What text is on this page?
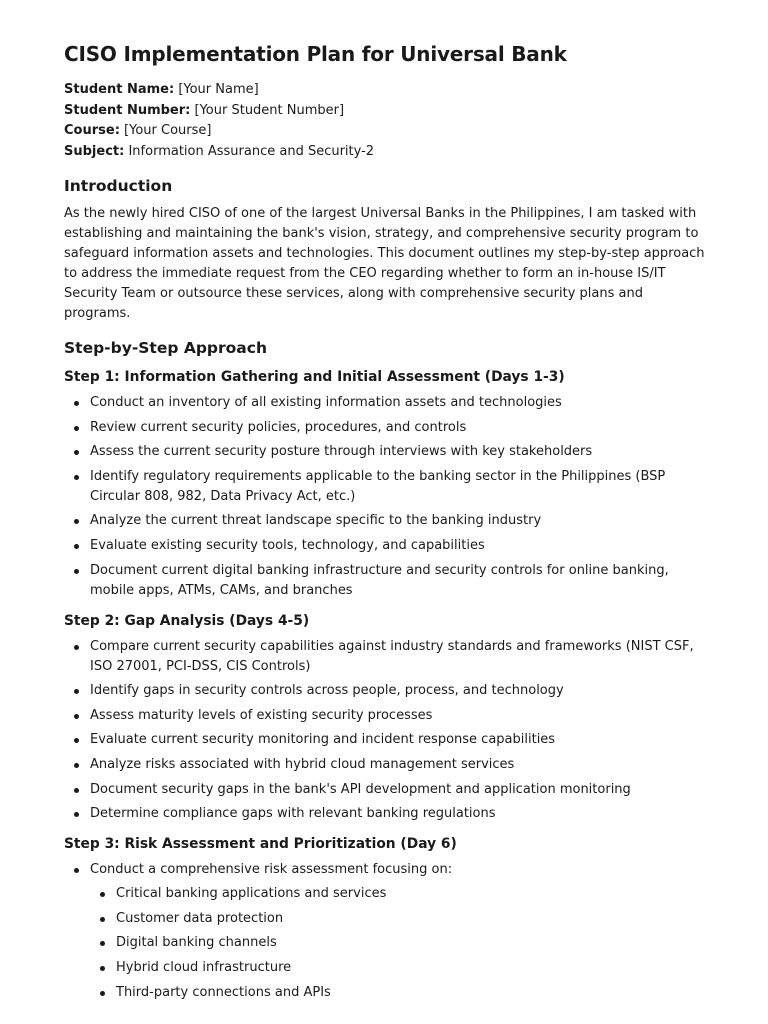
CISO Implementation Plan for Universal Bank
Student Name: [Your Name]
Student Number: [Your Student Number]
Course: [Your Course]
Subject: Information Assurance and Security-2
Introduction

As the newly hired CISO of one of the largest Universal Banks in the Philippines, I am tasked with establishing and maintaining the bank's vision, strategy, and comprehensive security program to safeguard information assets and technologies. This document outlines my step-by-step approach to address the immediate request from the CEO regarding whether to form an in-house IS/IT Security Team or outsource these services, along with comprehensive security plans and programs.

Step-by-Step Approach
Step 1: Information Gathering and Initial Assessment (Days 1-3)
Conduct an inventory of all existing information assets and technologies
Review current security policies, procedures, and controls
Assess the current security posture through interviews with key stakeholders
Identify regulatory requirements applicable to the banking sector in the Philippines (BSP Circular 808, 982, Data Privacy Act, etc.)
Analyze the current threat landscape specific to the banking industry
Evaluate existing security tools, technology, and capabilities
Document current digital banking infrastructure and security controls for online banking, mobile apps, ATMs, CAMs, and branches
Step 2: Gap Analysis (Days 4-5)
Compare current security capabilities against industry standards and frameworks (NIST CSF, ISO 27001, PCI-DSS, CIS Controls)
Identify gaps in security controls across people, process, and technology
Assess maturity levels of existing security processes
Evaluate current security monitoring and incident response capabilities
Analyze risks associated with hybrid cloud management services
Document security gaps in the bank's API development and application monitoring
Determine compliance gaps with relevant banking regulations
Step 3: Risk Assessment and Prioritization (Day 6)
Conduct a comprehensive risk assessment focusing on:
Critical banking applications and services
Customer data protection
Digital banking channels
Hybrid cloud infrastructure
Third-party connections and APIs
